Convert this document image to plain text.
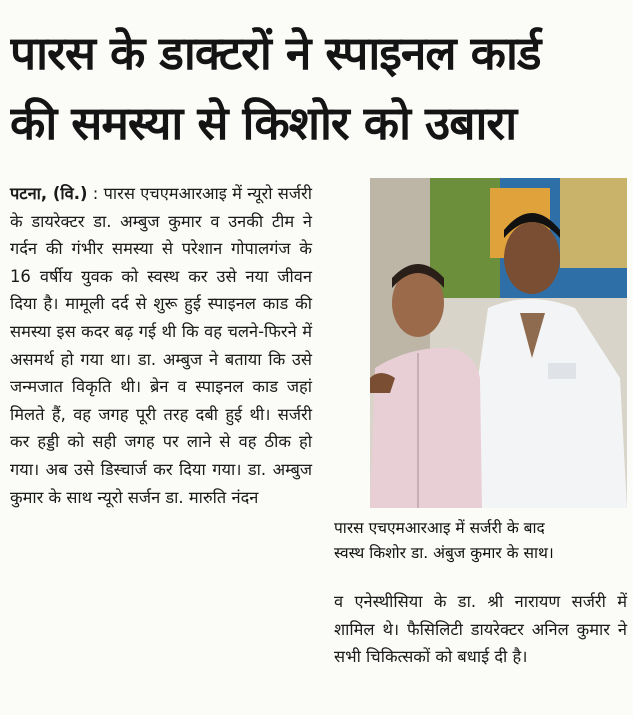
पारस के डाक्टरों ने स्पाइनल कार्ड
की समस्या से किशोर को उबारा

पटना, (वि.) : पारस एचएमआरआइ में न्यूरो सर्जरी के डायरेक्टर डा. अम्बुज कुमार व उनकी टीम ने गर्दन की गंभीर समस्या से परेशान गोपालगंज के 16 वर्षीय युवक को स्वस्थ कर उसे नया जीवन दिया है। मामूली दर्द से शुरू हुई स्पाइनल काड की समस्या इस कदर बढ़ गई थी कि वह चलने-फिरने में असमर्थ हो गया था। डा. अम्बुज ने बताया कि उसे जन्मजात विकृति थी। ब्रेन व स्पाइनल काड जहां मिलते हैं, वह जगह पूरी तरह दबी हुई थी। सर्जरी कर हड्डी को सही जगह पर लाने से वह ठीक हो गया। अब उसे डिस्चार्ज कर दिया गया। डा. अम्बुज कुमार के साथ न्यूरो सर्जन डा. मारुति नंदन

पारस एचएमआरआइ में सर्जरी के बाद
स्वस्थ किशोर डा. अंबुज कुमार के साथ।

व एनेस्थीसिया के डा. श्री नारायण सर्जरी में शामिल थे। फैसिलिटी डायरेक्टर अनिल कुमार ने सभी चिकित्सकों को बधाई दी है।
